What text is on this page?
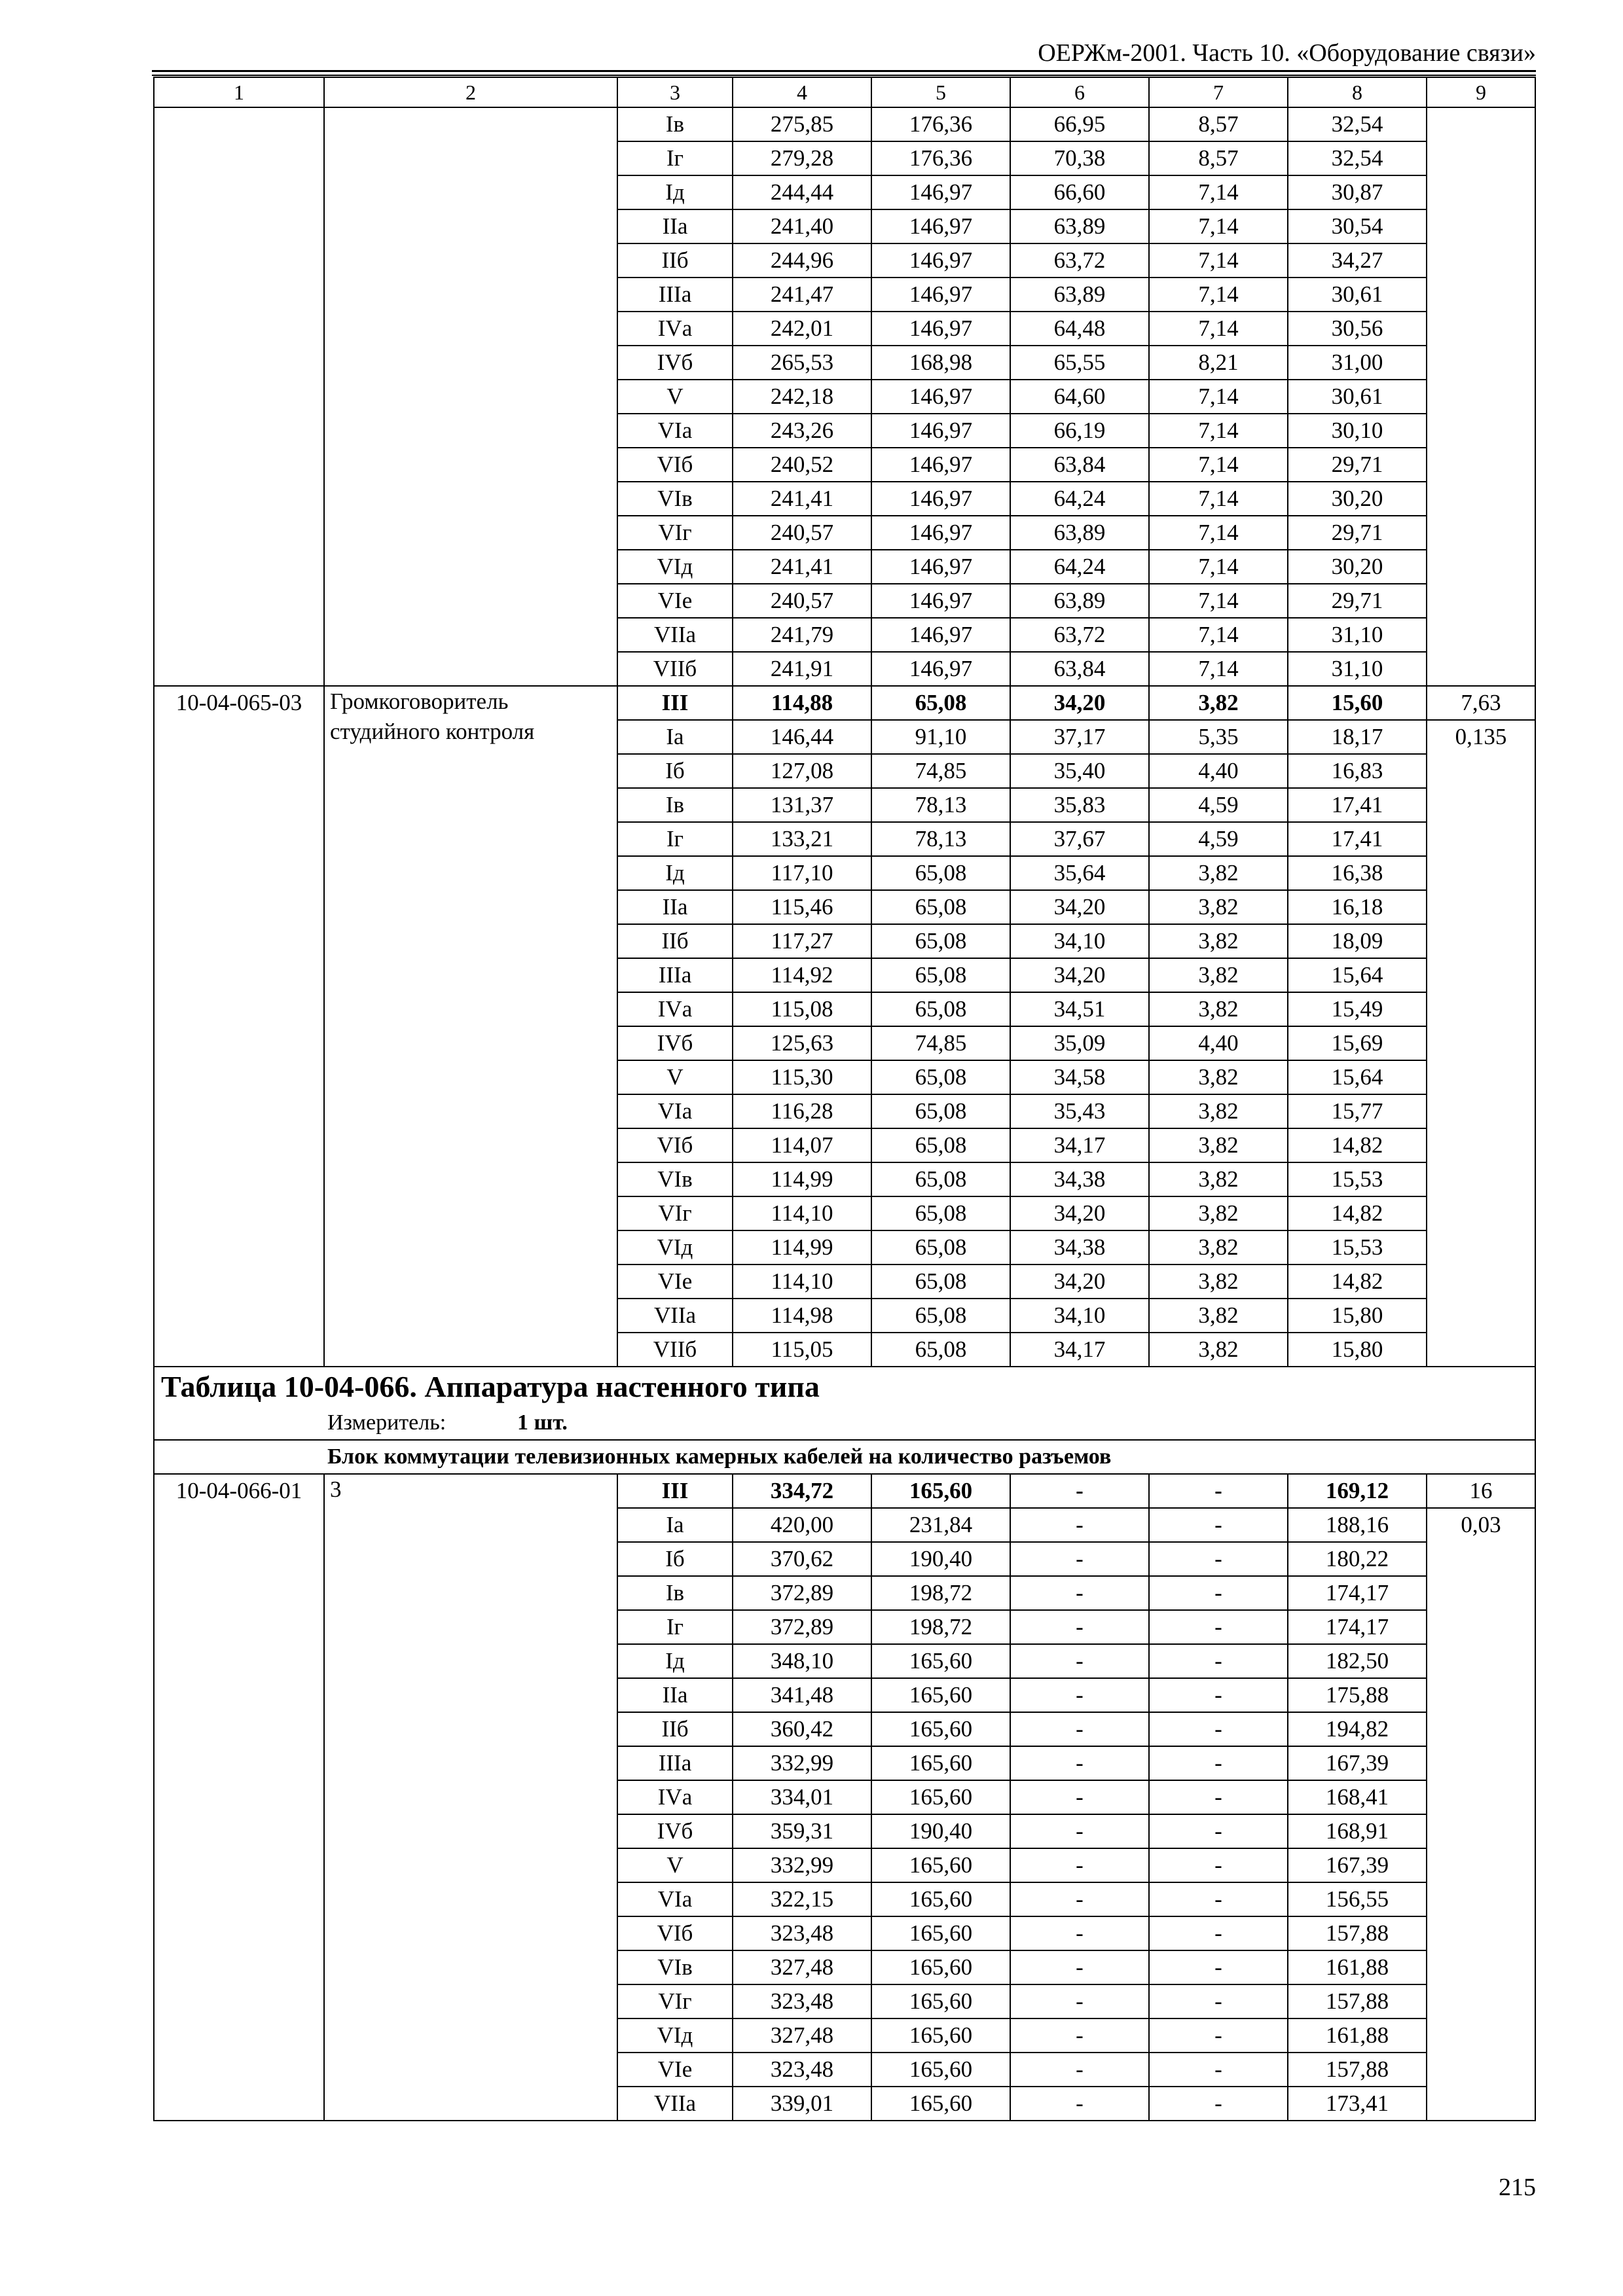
ОЕРЖм-2001. Часть 10. «Оборудование связи»
1	2	3	4	5	6	7	8	9
		Iв	275,85	176,36	66,95	8,57	32,54	
		Iг	279,28	176,36	70,38	8,57	32,54	
		Iд	244,44	146,97	66,60	7,14	30,87	
		IIа	241,40	146,97	63,89	7,14	30,54	
		IIб	244,96	146,97	63,72	7,14	34,27	
		IIIа	241,47	146,97	63,89	7,14	30,61	
		IVа	242,01	146,97	64,48	7,14	30,56	
		IVб	265,53	168,98	65,55	8,21	31,00	
		V	242,18	146,97	64,60	7,14	30,61	
		VIа	243,26	146,97	66,19	7,14	30,10	
		VIб	240,52	146,97	63,84	7,14	29,71	
		VIв	241,41	146,97	64,24	7,14	30,20	
		VIг	240,57	146,97	63,89	7,14	29,71	
		VIд	241,41	146,97	64,24	7,14	30,20	
		VIе	240,57	146,97	63,89	7,14	29,71	
		VIIа	241,79	146,97	63,72	7,14	31,10	
		VIIб	241,91	146,97	63,84	7,14	31,10	
10-04-065-03	Громкоговоритель студийного контроля	III	114,88	65,08	34,20	3,82	15,60	7,63
		Iа	146,44	91,10	37,17	5,35	18,17	0,135
		Iб	127,08	74,85	35,40	4,40	16,83	
		Iв	131,37	78,13	35,83	4,59	17,41	
		Iг	133,21	78,13	37,67	4,59	17,41	
		Iд	117,10	65,08	35,64	3,82	16,38	
		IIа	115,46	65,08	34,20	3,82	16,18	
		IIб	117,27	65,08	34,10	3,82	18,09	
		IIIа	114,92	65,08	34,20	3,82	15,64	
		IVа	115,08	65,08	34,51	3,82	15,49	
		IVб	125,63	74,85	35,09	4,40	15,69	
		V	115,30	65,08	34,58	3,82	15,64	
		VIа	116,28	65,08	35,43	3,82	15,77	
		VIб	114,07	65,08	34,17	3,82	14,82	
		VIв	114,99	65,08	34,38	3,82	15,53	
		VIг	114,10	65,08	34,20	3,82	14,82	
		VIд	114,99	65,08	34,38	3,82	15,53	
		VIе	114,10	65,08	34,20	3,82	14,82	
		VIIа	114,98	65,08	34,10	3,82	15,80	
		VIIб	115,05	65,08	34,17	3,82	15,80	
Таблица 10-04-066. Аппаратура настенного типа								
Измеритель: 1 шт.								
Блок коммутации телевизионных камерных кабелей на количество разъемов								
10-04-066-01	3	III	334,72	165,60	-	-	169,12	16
		Iа	420,00	231,84	-	-	188,16	0,03
		Iб	370,62	190,40	-	-	180,22	
		Iв	372,89	198,72	-	-	174,17	
		Iг	372,89	198,72	-	-	174,17	
		Iд	348,10	165,60	-	-	182,50	
		IIа	341,48	165,60	-	-	175,88	
		IIб	360,42	165,60	-	-	194,82	
		IIIа	332,99	165,60	-	-	167,39	
		IVа	334,01	165,60	-	-	168,41	
		IVб	359,31	190,40	-	-	168,91	
		V	332,99	165,60	-	-	167,39	
		VIа	322,15	165,60	-	-	156,55	
		VIб	323,48	165,60	-	-	157,88	
		VIв	327,48	165,60	-	-	161,88	
		VIг	323,48	165,60	-	-	157,88	
		VIд	327,48	165,60	-	-	161,88	
		VIе	323,48	165,60	-	-	157,88	
		VIIа	339,01	165,60	-	-	173,41	
215
